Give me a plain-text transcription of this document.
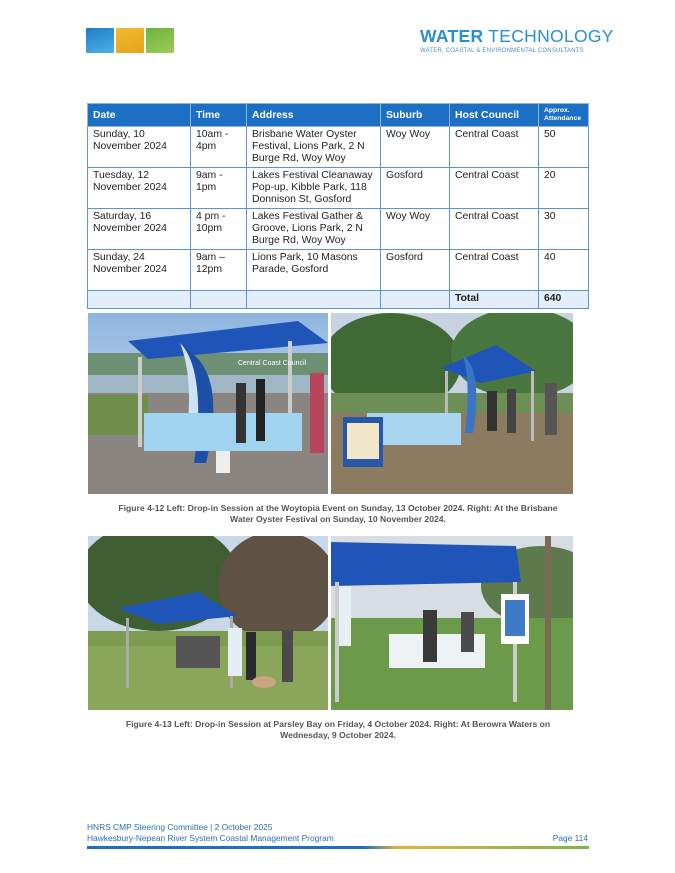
WATER TECHNOLOGY
WATER, COASTAL & ENVIRONMENTAL CONSULTANTS
Date	Time	Address	Suburb	Host Council	Approx. Attendance
Sunday, 10 November 2024	10am - 4pm	Brisbane Water Oyster Festival, Lions Park, 2 N Burge Rd, Woy Woy	Woy Woy	Central Coast	50
Tuesday, 12 November 2024	9am - 1pm	Lakes Festival Cleanaway Pop-up, Kibble Park, 118 Donnison St, Gosford	Gosford	Central Coast	20
Saturday, 16 November 2024	4 pm - 10pm	Lakes Festival Gather & Groove, Lions Park, 2 N Burge Rd, Woy Woy	Woy Woy	Central Coast	30
Sunday, 24 November 2024	9am – 12pm	Lions Park, 10 Masons Parade, Gosford	Gosford	Central Coast	40
				Total	640
Central Coast Council
Figure 4-12 Left: Drop-in Session at the Woytopia Event on Sunday, 13 October 2024. Right: At the Brisbane
Water Oyster Festival on Sunday, 10 November 2024.
Figure 4-13 Left: Drop-in Session at Parsley Bay on Friday, 4 October 2024. Right: At Berowra Waters on
Wednesday, 9 October 2024.
HNRS CMP Steering Committee | 2 October 2025
Hawkesbury-Nepean River System Coastal Management Program	Page 114
